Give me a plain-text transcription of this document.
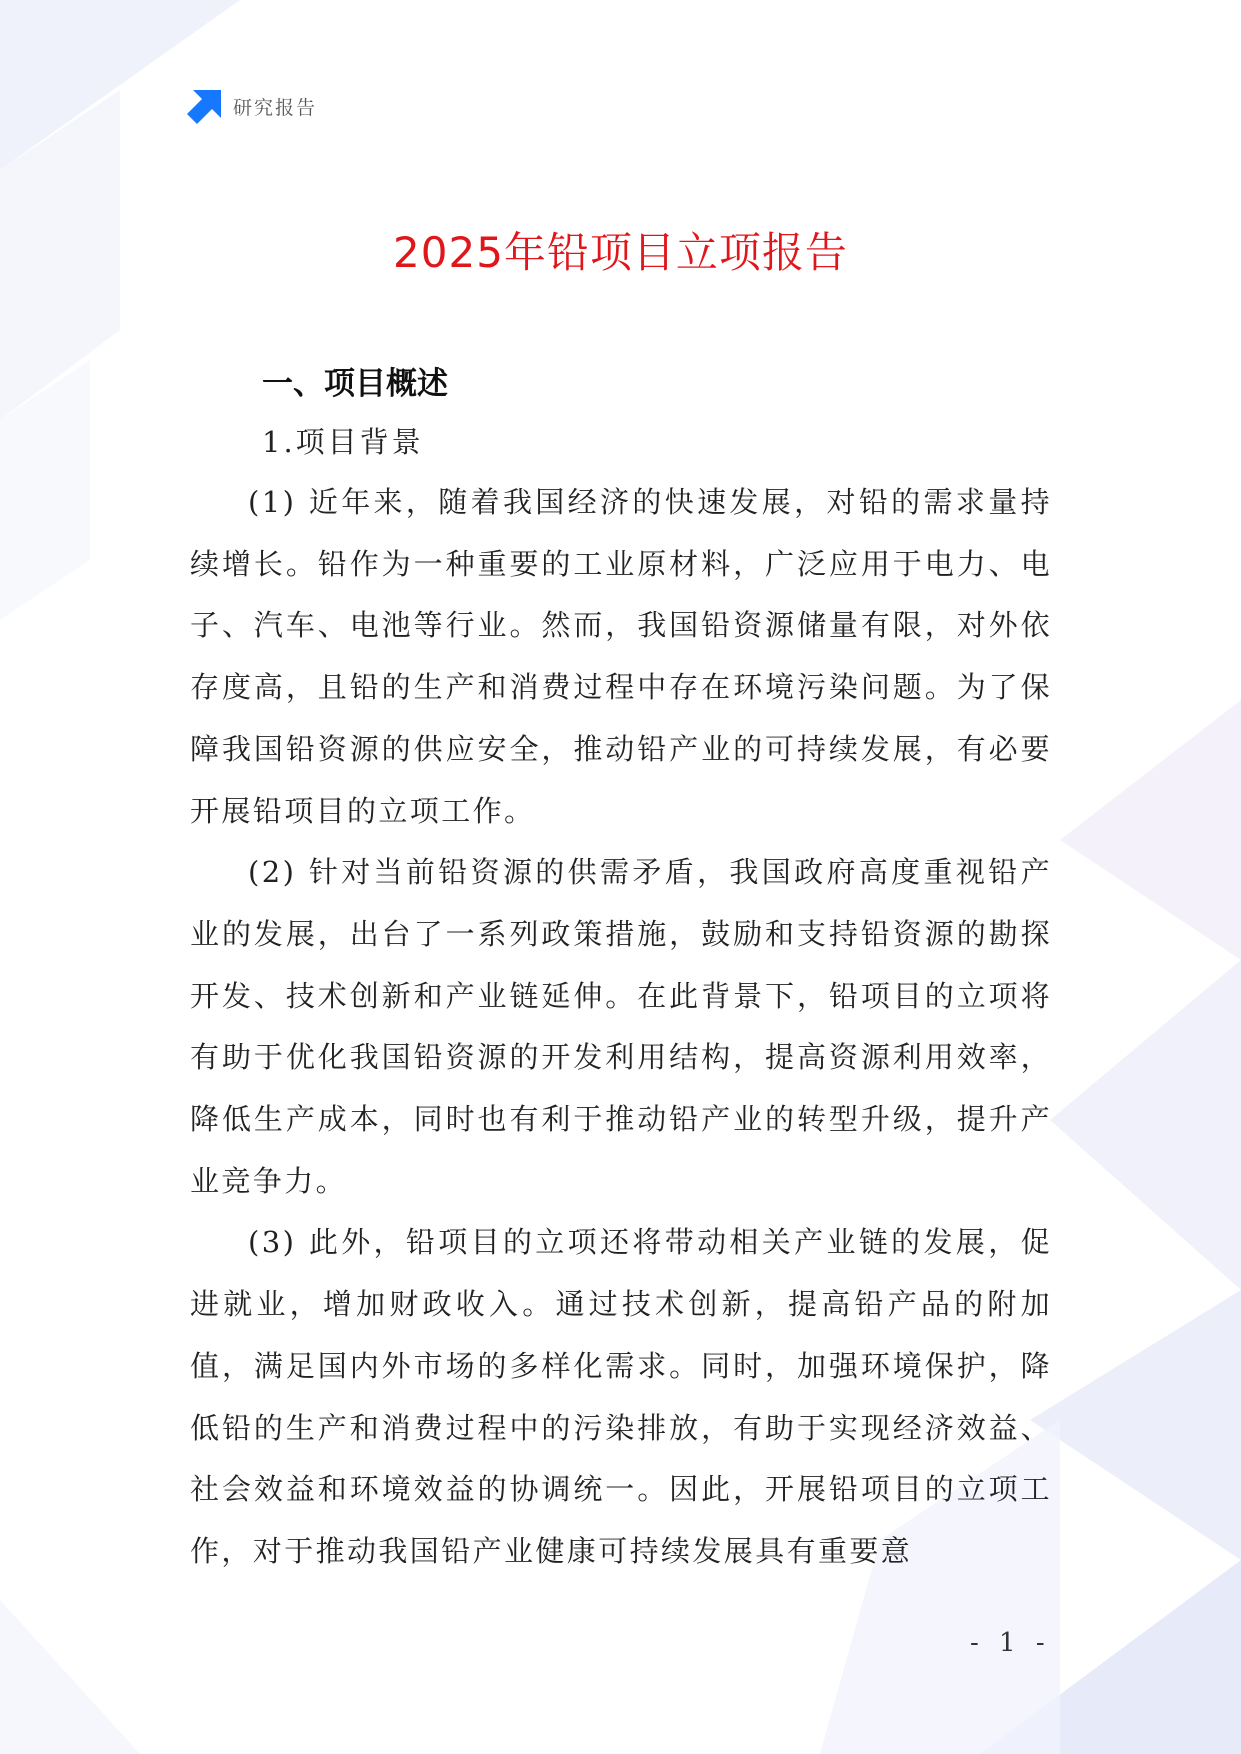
研究报告
2025年铅项目立项报告
一、项目概述
1.项目背景

(1) 近年来，随着我国经济的快速发展，对铅的需求量持续增长。铅作为一种重要的工业原材料，广泛应用于电力、电子、汽车、电池等行业。然而，我国铅资源储量有限，对外依存度高，且铅的生产和消费过程中存在环境污染问题。为了保障我国铅资源的供应安全，推动铅产业的可持续发展，有必要开展铅项目的立项工作。

(2) 针对当前铅资源的供需矛盾，我国政府高度重视铅产业的发展，出台了一系列政策措施，鼓励和支持铅资源的勘探开发、技术创新和产业链延伸。在此背景下，铅项目的立项将有助于优化我国铅资源的开发利用结构，提高资源利用效率，降低生产成本，同时也有利于推动铅产业的转型升级，提升产业竞争力。

(3) 此外，铅项目的立项还将带动相关产业链的发展，促进就业，增加财政收入。通过技术创新，提高铅产品的附加值，满足国内外市场的多样化需求。同时，加强环境保护，降低铅的生产和消费过程中的污染排放，有助于实现经济效益、社会效益和环境效益的协调统一。因此，开展铅项目的立项工作，对于推动我国铅产业健康可持续发展具有重要意

- 1 -
